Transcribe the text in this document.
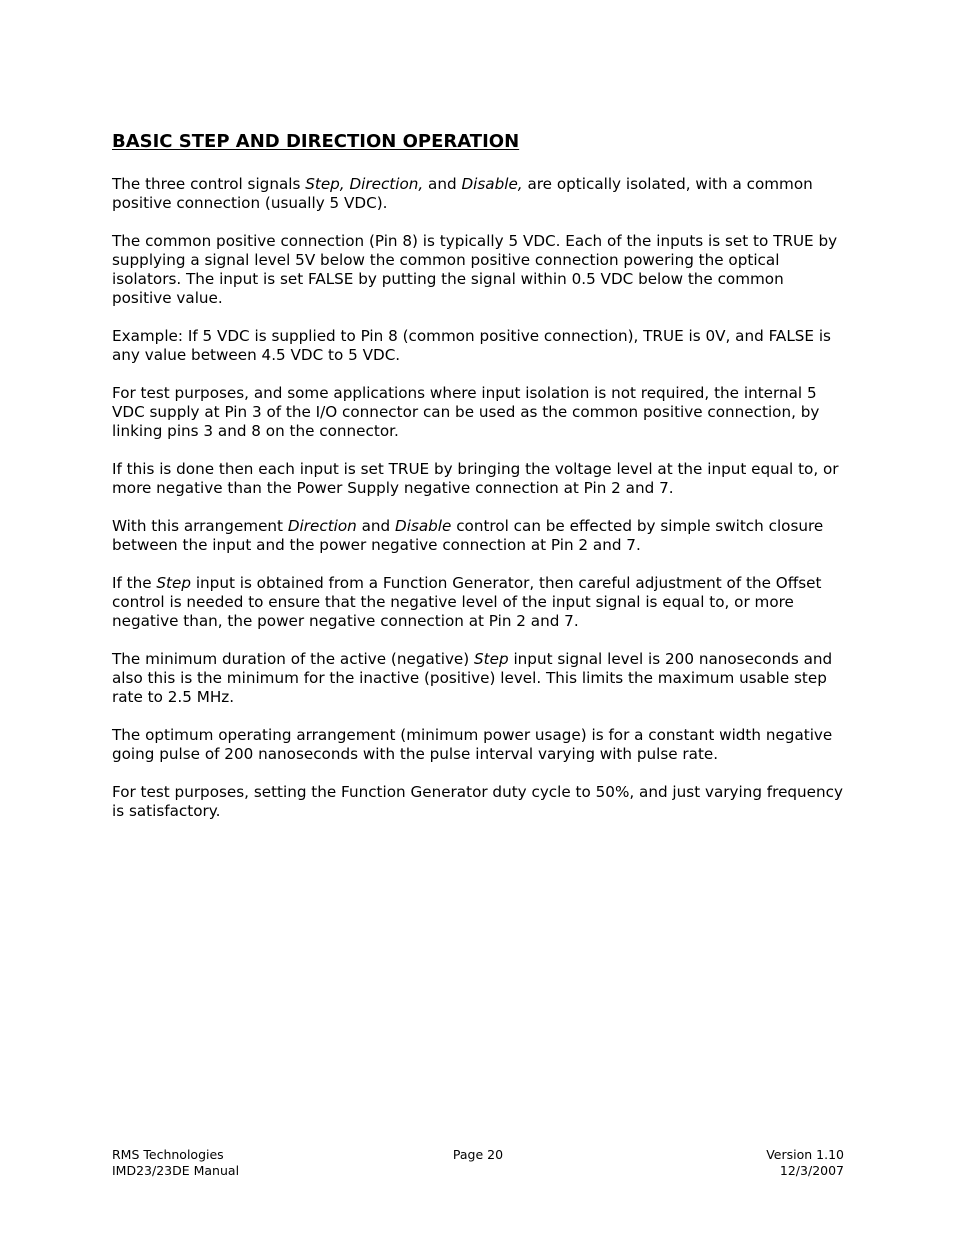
BASIC STEP AND DIRECTION OPERATION

The three control signals Step, Direction, and Disable, are optically isolated, with a common positive connection (usually 5 VDC).

The common positive connection (Pin 8) is typically 5 VDC. Each of the inputs is set to TRUE by supplying a signal level 5V below the common positive connection powering the optical isolators. The input is set FALSE by putting the signal within 0.5 VDC below the common positive value.

Example: If 5 VDC is supplied to Pin 8 (common positive connection), TRUE is 0V, and FALSE is any value between 4.5 VDC to 5 VDC.

For test purposes, and some applications where input isolation is not required, the internal 5 VDC supply at Pin 3 of the I/O connector can be used as the common positive connection, by linking pins 3 and 8 on the connector.

If this is done then each input is set TRUE by bringing the voltage level at the input equal to, or more negative than the Power Supply negative connection at Pin 2 and 7.

With this arrangement Direction and Disable control can be effected by simple switch closure between the input and the power negative connection at Pin 2 and 7.

If the Step input is obtained from a Function Generator, then careful adjustment of the Offset control is needed to ensure that the negative level of the input signal is equal to, or more negative than, the power negative connection at Pin 2 and 7.

The minimum duration of the active (negative) Step input signal level is 200 nanoseconds and also this is the minimum for the inactive (positive) level. This limits the maximum usable step rate to 2.5 MHz.

The optimum operating arrangement (minimum power usage) is for a constant width negative going pulse of 200 nanoseconds with the pulse interval varying with pulse rate.

For test purposes, setting the Function Generator duty cycle to 50%, and just varying frequency is satisfactory.

RMS Technologies
IMD23/23DE Manual
Page 20	Version 1.10
12/3/2007
